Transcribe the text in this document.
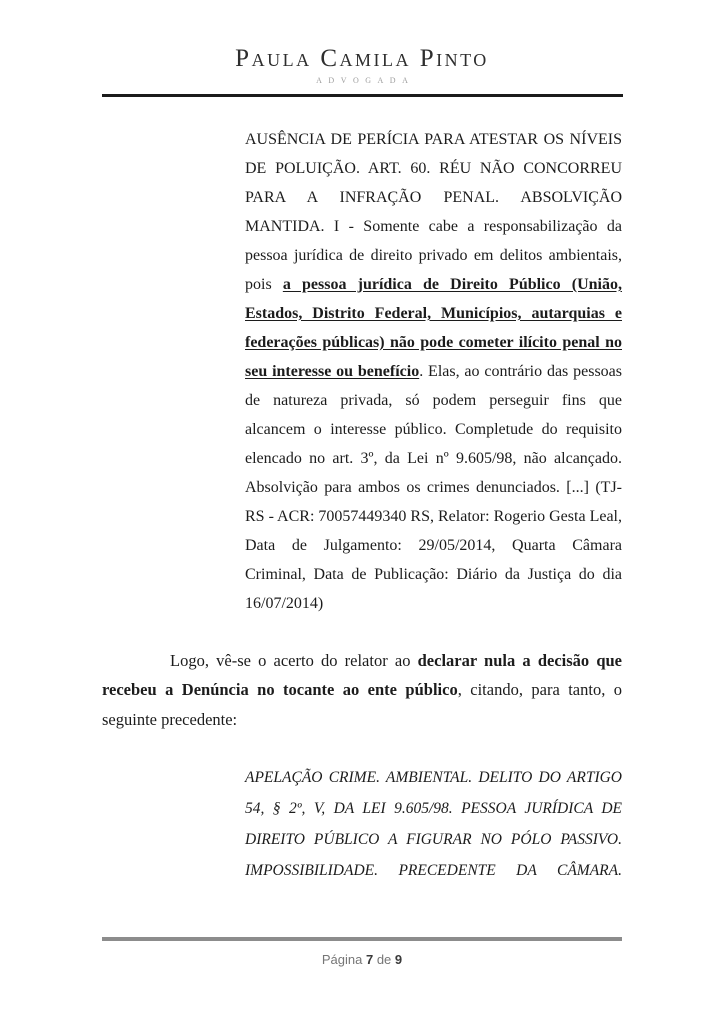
Paula Camila Pinto
ADVOGADA

AUSÊNCIA DE PERÍCIA PARA ATESTAR OS NÍVEIS DE POLUIÇÃO. ART. 60. RÉU NÃO CONCORREU PARA A INFRAÇÃO PENAL. ABSOLVIÇÃO MANTIDA. I - Somente cabe a responsabilização da pessoa jurídica de direito privado em delitos ambientais, pois a pessoa jurídica de Direito Público (União, Estados, Distrito Federal, Municípios, autarquias e federações públicas) não pode cometer ilícito penal no seu interesse ou benefício. Elas, ao contrário das pessoas de natureza privada, só podem perseguir fins que alcancem o interesse público. Completude do requisito elencado no art. 3º, da Lei nº 9.605/98, não alcançado. Absolvição para ambos os crimes denunciados. [...] (TJ-RS - ACR: 70057449340 RS, Relator: Rogerio Gesta Leal, Data de Julgamento: 29/05/2014, Quarta Câmara Criminal, Data de Publicação: Diário da Justiça do dia 16/07/2014)

Logo, vê-se o acerto do relator ao declarar nula a decisão que recebeu a Denúncia no tocante ao ente público, citando, para tanto, o seguinte precedente:

APELAÇÃO CRIME. AMBIENTAL. DELITO DO ARTIGO 54, § 2º, V, DA LEI 9.605/98. PESSOA JURÍDICA DE DIREITO PÚBLICO A FIGURAR NO PÓLO PASSIVO. IMPOSSIBILIDADE. PRECEDENTE DA CÂMARA.

Página 7 de 9
